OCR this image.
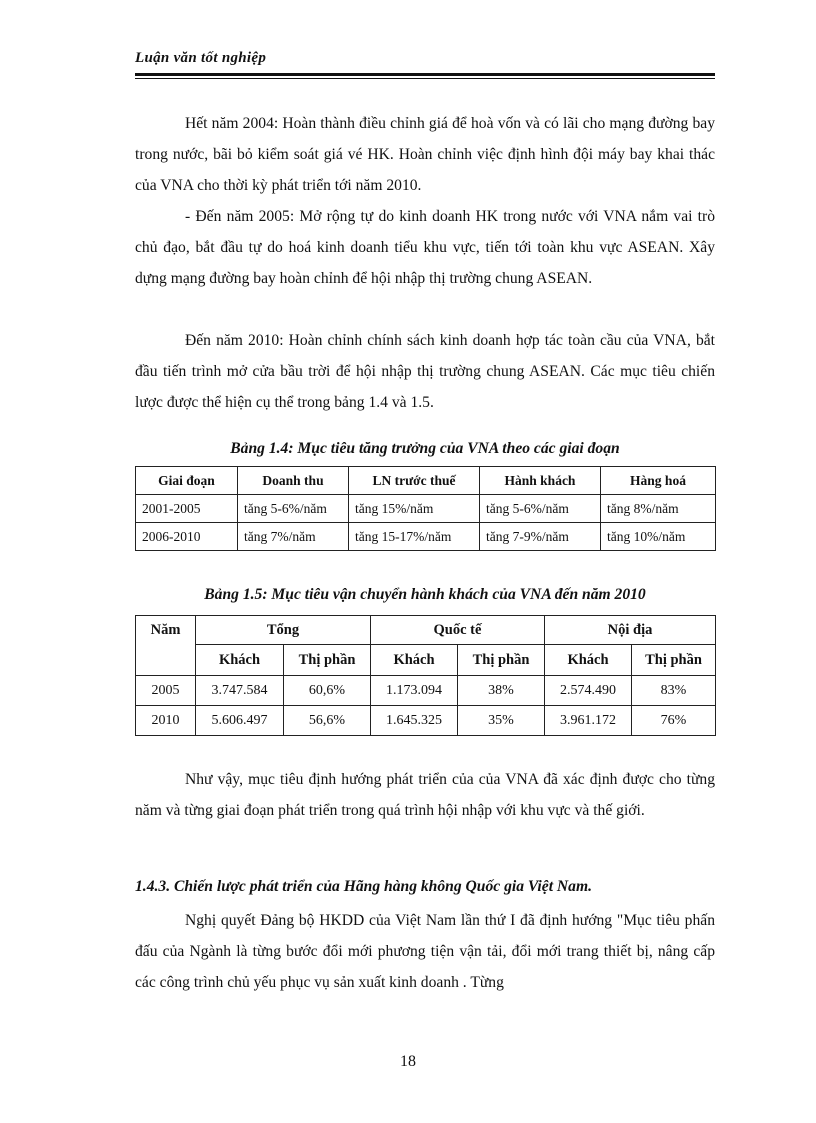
Luận văn tốt nghiệp

Hết năm 2004: Hoàn thành điều chỉnh giá để hoà vốn và có lãi cho mạng đường bay trong nước, bãi bỏ kiểm soát giá vé HK. Hoàn chỉnh việc định hình đội máy bay khai thác của VNA cho thời kỳ phát triển tới năm 2010.

- Đến năm 2005: Mở rộng tự do kinh doanh HK trong nước với VNA nắm vai trò chủ đạo, bắt đầu tự do hoá kinh doanh tiểu khu vực, tiến tới toàn khu vực ASEAN. Xây dựng mạng đường bay hoàn chỉnh để hội nhập thị trường chung ASEAN.

Đến năm 2010: Hoàn chỉnh chính sách kinh doanh hợp tác toàn cầu của VNA, bắt đầu tiến trình mở cửa bầu trời để hội nhập thị trường chung ASEAN. Các mục tiêu chiến lược được thể hiện cụ thể trong bảng 1.4 và 1.5.

Bảng 1.4: Mục tiêu tăng trưởng của VNA theo các giai đoạn

Giai đoạn	Doanh thu	LN trước thuế	Hành khách	Hàng hoá
2001-2005	tăng 5-6%/năm	tăng 15%/năm	tăng 5-6%/năm	tăng 8%/năm
2006-2010	tăng 7%/năm	tăng 15-17%/năm	tăng 7-9%/năm	tăng 10%/năm

Bảng 1.5: Mục tiêu vận chuyển hành khách của VNA đến năm 2010

Năm	Tổng		Quốc tế		Nội địa	
	Khách	Thị phần	Khách	Thị phần	Khách	Thị phần
2005	3.747.584	60,6%	1.173.094	38%	2.574.490	83%
2010	5.606.497	56,6%	1.645.325	35%	3.961.172	76%

Như vậy, mục tiêu định hướng phát triển của của VNA đã xác định được cho từng năm và từng giai đoạn phát triển trong quá trình hội nhập với khu vực và thế giới.

1.4.3. Chiến lược phát triển của Hãng hàng không Quốc gia Việt Nam.

Nghị quyết Đảng bộ HKDD của Việt Nam lần thứ I đã định hướng "Mục tiêu phấn đấu của Ngành là từng bước đổi mới phương tiện vận tải, đổi mới trang thiết bị, nâng cấp các công trình chủ yếu phục vụ sản xuất kinh doanh . Từng

18
